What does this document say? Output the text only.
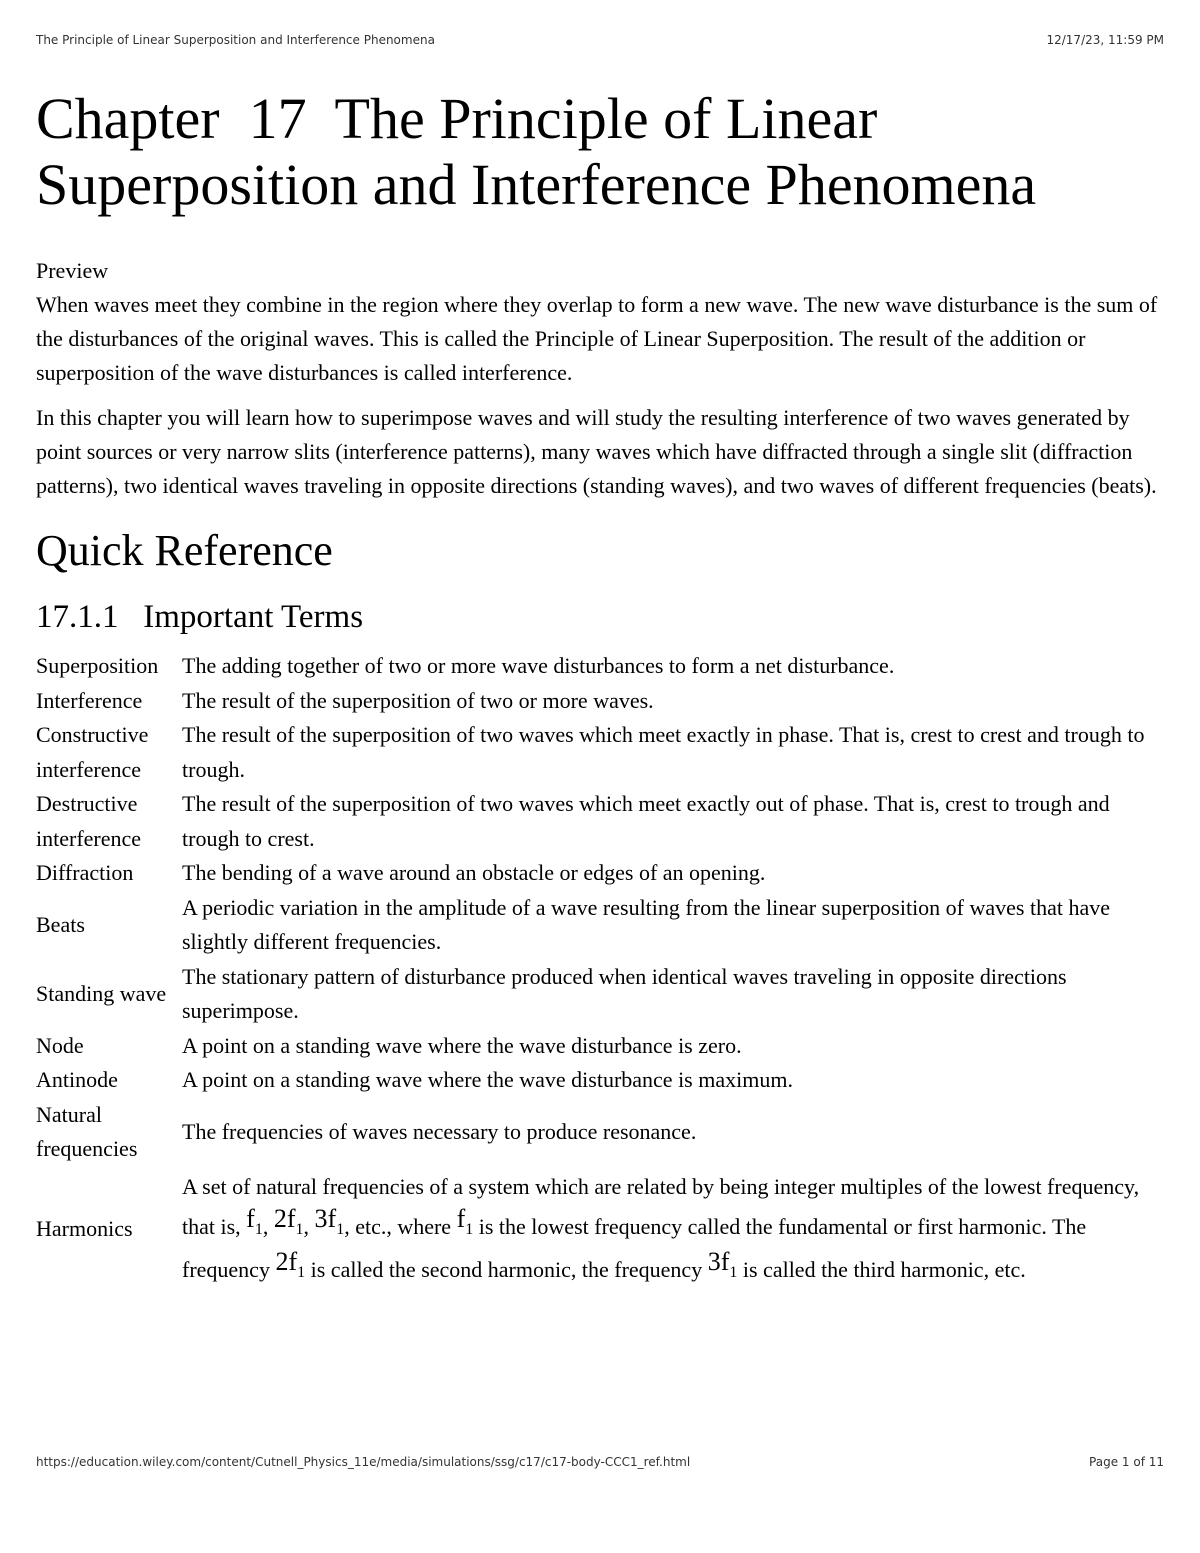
The Principle of Linear Superposition and Interference Phenomena	12/17/23, 11:59 PM
Chapter  17  The Principle of Linear Superposition and Interference Phenomena
Preview

When waves meet they combine in the region where they overlap to form a new wave. The new wave disturbance is the sum of the disturbances of the original waves. This is called the Principle of Linear Superposition. The result of the addition or superposition of the wave disturbances is called interference.

In this chapter you will learn how to superimpose waves and will study the resulting interference of two waves generated by point sources or very narrow slits (interference patterns), many waves which have diffracted through a single slit (diffraction patterns), two identical waves traveling in opposite directions (standing waves), and two waves of different frequencies (beats).

Quick Reference
17.1.1   Important Terms
Superposition	The adding together of two or more wave disturbances to form a net disturbance.
Interference	The result of the superposition of two or more waves.
Constructive interference	The result of the superposition of two waves which meet exactly in phase. That is, crest to crest and trough to trough.
Destructive interference	The result of the superposition of two waves which meet exactly out of phase. That is, crest to trough and trough to crest.
Diffraction	The bending of a wave around an obstacle or edges of an opening.
Beats	A periodic variation in the amplitude of a wave resulting from the linear superposition of waves that have slightly different frequencies.
Standing wave	The stationary pattern of disturbance produced when identical waves traveling in opposite directions superimpose.
Node	A point on a standing wave where the wave disturbance is zero.
Antinode	A point on a standing wave where the wave disturbance is maximum.
Natural frequencies	The frequencies of waves necessary to produce resonance.
Harmonics	A set of natural frequencies of a system which are related by being integer multiples of the lowest frequency, that is, f1, 2f1, 3f1, etc., where f1 is the lowest frequency called the fundamental or first harmonic. The frequency 2f1 is called the second harmonic, the frequency 3f1 is called the third harmonic, etc.
https://education.wiley.com/content/Cutnell_Physics_11e/media/simulations/ssg/c17/c17-body-CCC1_ref.html	Page 1 of 11
